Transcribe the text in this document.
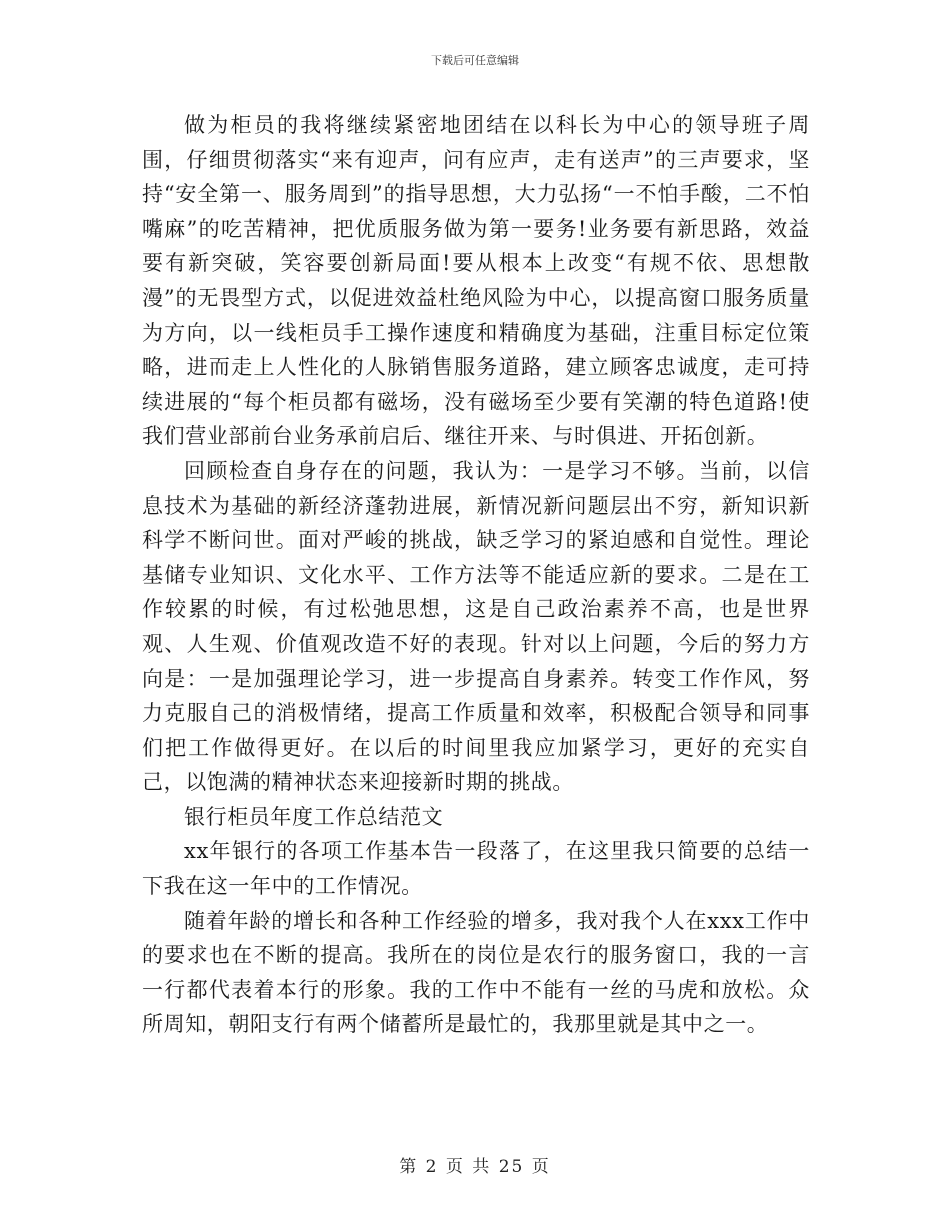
下载后可任意编辑

做为柜员的我将继续紧密地团结在以科长为中心的领导班子周围，仔细贯彻落实“来有迎声，问有应声，走有送声”的三声要求，坚持“安全第一、服务周到”的指导思想，大力弘扬“一不怕手酸，二不怕嘴麻”的吃苦精神，把优质服务做为第一要务!业务要有新思路，效益要有新突破，笑容要创新局面!要从根本上改变“有规不依、思想散漫”的无畏型方式，以促进效益杜绝风险为中心，以提高窗口服务质量为方向，以一线柜员手工操作速度和精确度为基础，注重目标定位策略，进而走上人性化的人脉销售服务道路，建立顾客忠诚度，走可持续进展的“每个柜员都有磁场，没有磁场至少要有笑潮的特色道路!使我们营业部前台业务承前启后、继往开来、与时俱进、开拓创新。

回顾检查自身存在的问题，我认为：一是学习不够。当前，以信息技术为基础的新经济蓬勃进展，新情况新问题层出不穷，新知识新科学不断问世。面对严峻的挑战，缺乏学习的紧迫感和自觉性。理论基储专业知识、文化水平、工作方法等不能适应新的要求。二是在工作较累的时候，有过松弛思想，这是自己政治素养不高，也是世界观、人生观、价值观改造不好的表现。针对以上问题，今后的努力方向是：一是加强理论学习，进一步提高自身素养。转变工作作风，努力克服自己的消极情绪，提高工作质量和效率，积极配合领导和同事们把工作做得更好。在以后的时间里我应加紧学习，更好的充实自己，以饱满的精神状态来迎接新时期的挑战。

银行柜员年度工作总结范文

xx年银行的各项工作基本告一段落了，在这里我只简要的总结一下我在这一年中的工作情况。

随着年龄的增长和各种工作经验的增多，我对我个人在xxx工作中的要求也在不断的提高。我所在的岗位是农行的服务窗口，我的一言一行都代表着本行的形象。我的工作中不能有一丝的马虎和放松。众所周知，朝阳支行有两个储蓄所是最忙的，我那里就是其中之一。

第 2 页 共 25 页
